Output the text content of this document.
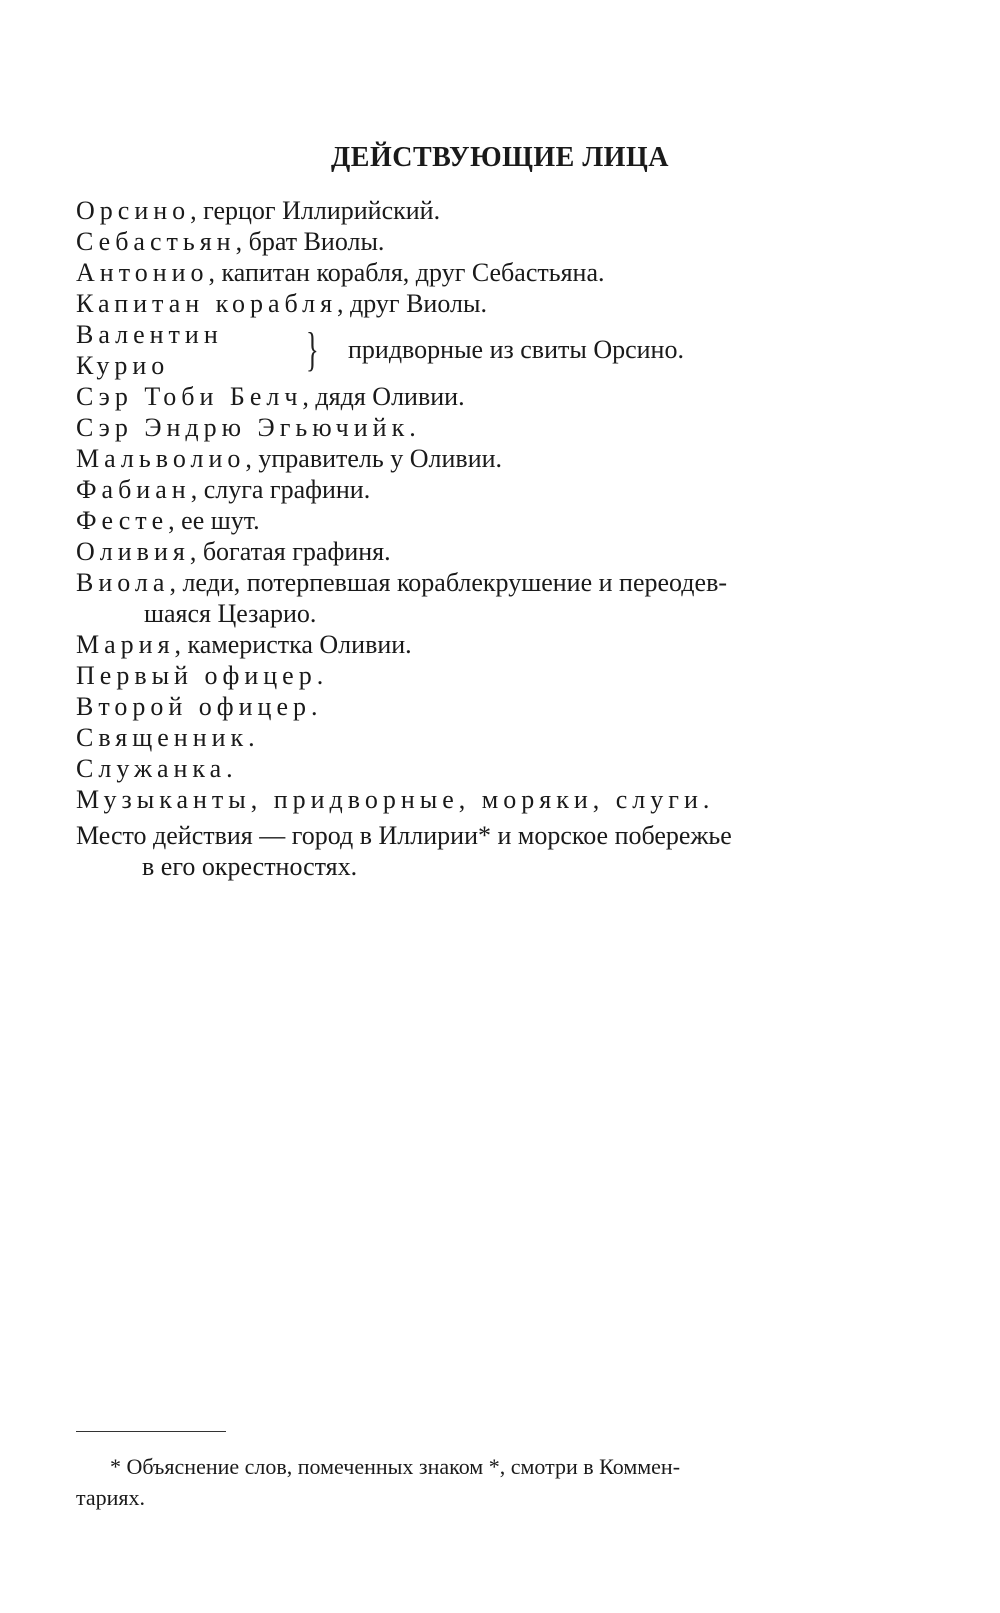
ДЕЙСТВУЮЩИЕ ЛИЦА
Орсино, герцог Иллирийский.
Себастьян, брат Виолы.
Антонио, капитан корабля, друг Себастьяна.
Капитан корабля, друг Виолы.
Валентин
Курио	} придворные из свиты Орсино.
Сэр Тоби Белч, дядя Оливии.
Сэр Эндрю Эгьючийк.
Мальволио, управитель у Оливии.
Фабиан, слуга графини.
Фесте, ее шут.
Оливия, богатая графиня.
Виола, леди, потерпевшая кораблекрушение и переодев-
шаяся Цезарио.
Мария, камеристка Оливии.
Первый офицер.
Второй офицер.
Священник.
Служанка.
Музыканты, придворные, моряки, слуги.
Место действия — город в Иллирии* и морское побережье
в его окрестностях.
* Объяснение слов, помеченных знаком *, смотри в Коммен-
тариях.
